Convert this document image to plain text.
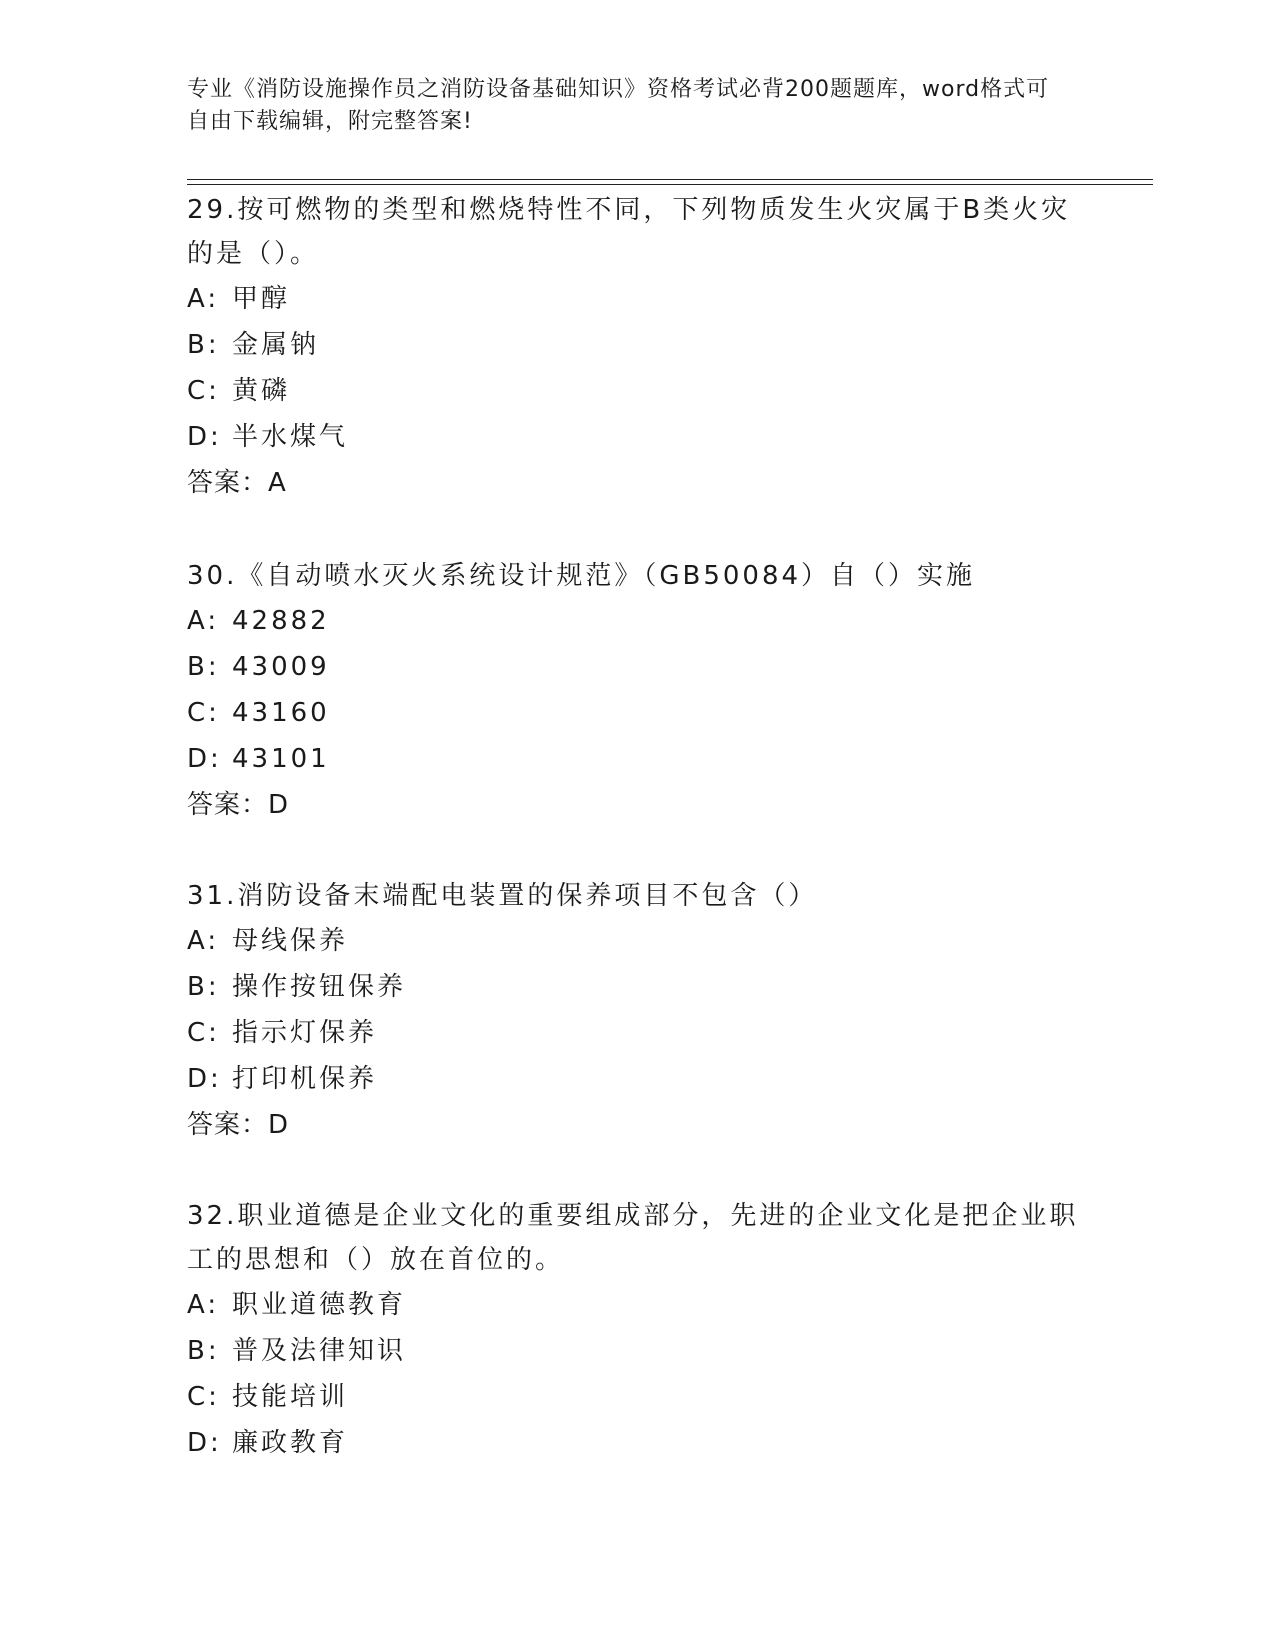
专业《消防设施操作员之消防设备基础知识》资格考试必背200题题库，word格式可自由下载编辑，附完整答案!

29.按可燃物的类型和燃烧特性不同，下列物质发生火灾属于B类火灾的是（）。

A: 甲醇
B: 金属钠
C: 黄磷
D: 半水煤气
答案：A

30.《自动喷水灭火系统设计规范》（GB50084）自（）实施

A: 42882
B: 43009
C: 43160
D: 43101
答案：D

31.消防设备末端配电装置的保养项目不包含（）

A: 母线保养
B: 操作按钮保养
C: 指示灯保养
D: 打印机保养
答案：D

32.职业道德是企业文化的重要组成部分，先进的企业文化是把企业职工的思想和（）放在首位的。

A: 职业道德教育
B: 普及法律知识
C: 技能培训
D: 廉政教育
